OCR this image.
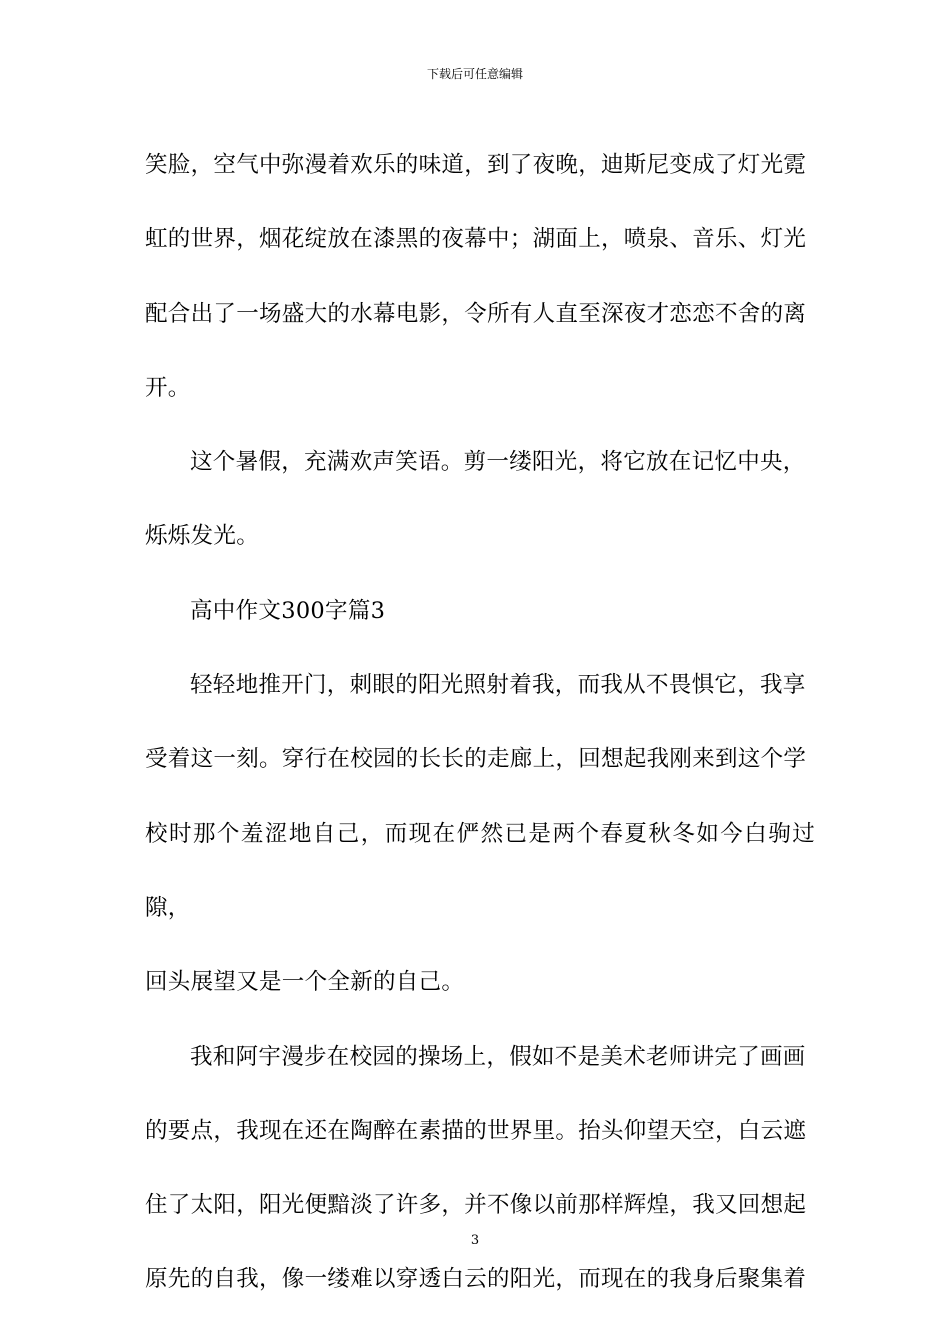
下载后可任意编辑

笑脸，空气中弥漫着欢乐的味道，到了夜晚，迪斯尼变成了灯光霓

虹的世界，烟花绽放在漆黑的夜幕中；湖面上，喷泉、音乐、灯光

配合出了一场盛大的水幕电影，令所有人直至深夜才恋恋不舍的离

开。

这个暑假，充满欢声笑语。剪一缕阳光，将它放在记忆中央，

烁烁发光。

高中作文300字篇3

轻轻地推开门，刺眼的阳光照射着我，而我从不畏惧它，我享

受着这一刻。穿行在校园的长长的走廊上，回想起我刚来到这个学

校时那个羞涩地自己，而现在俨然已是两个春夏秋冬如今白驹过隙，

回头展望又是一个全新的自己。

我和阿宇漫步在校园的操场上，假如不是美术老师讲完了画画

的要点，我现在还在陶醉在素描的世界里。抬头仰望天空，白云遮

住了太阳，阳光便黯淡了许多，并不像以前那样辉煌，我又回想起

原先的自我，像一缕难以穿透白云的阳光，而现在的我身后聚集着

3
